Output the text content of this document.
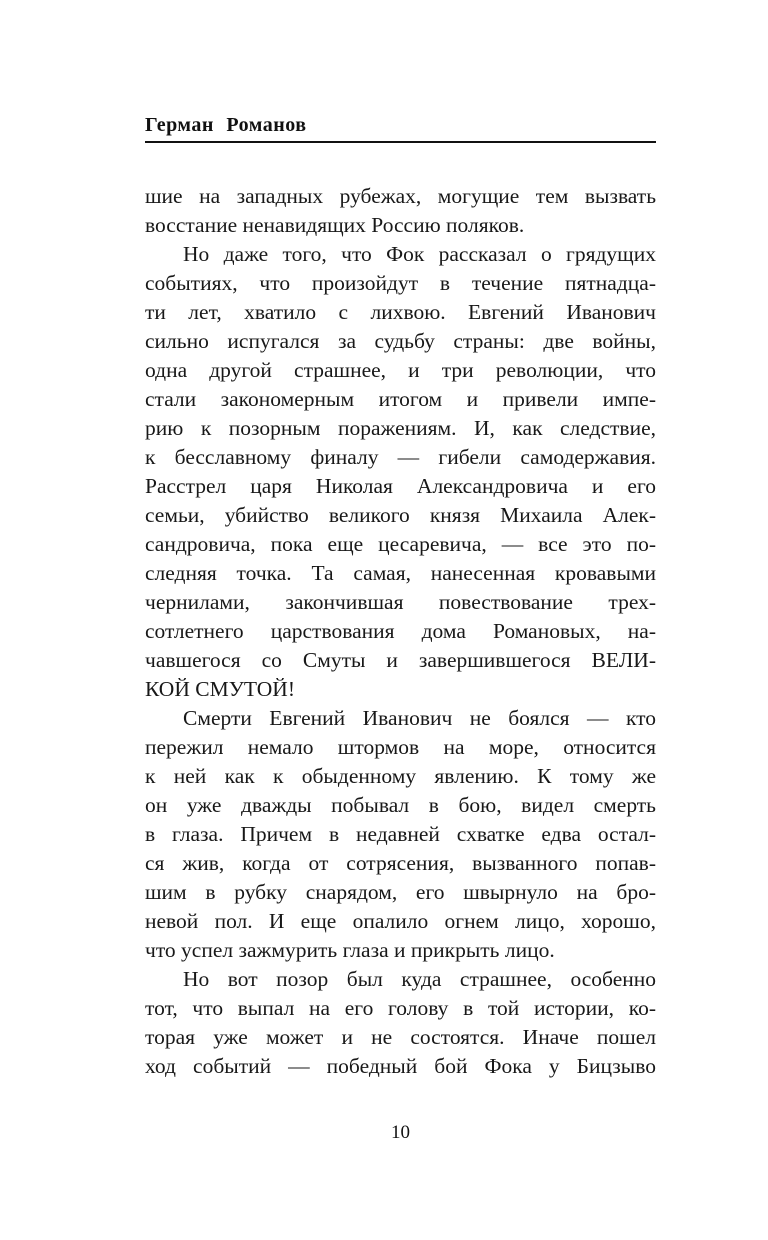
Герман Романов
шие на западных рубежах, могущие тем вызвать
восстание ненавидящих Россию поляков.
Но даже того, что Фок рассказал о грядущих
событиях, что произойдут в течение пятнадца-
ти лет, хватило с лихвою. Евгений Иванович
сильно испугался за судьбу страны: две войны,
одна другой страшнее, и три революции, что
стали закономерным итогом и привели импе-
рию к позорным поражениям. И, как следствие,
к бесславному финалу — гибели самодержавия.
Расстрел царя Николая Александровича и его
семьи, убийство великого князя Михаила Алек-
сандровича, пока еще цесаревича, — все это по-
следняя точка. Та самая, нанесенная кровавыми
чернилами, закончившая повествование трех-
сотлетнего царствования дома Романовых, на-
чавшегося со Смуты и завершившегося ВЕЛИ-
КОЙ СМУТОЙ!
Смерти Евгений Иванович не боялся — кто
пережил немало штормов на море, относится
к ней как к обыденному явлению. К тому же
он уже дважды побывал в бою, видел смерть
в глаза. Причем в недавней схватке едва остал-
ся жив, когда от сотрясения, вызванного попав-
шим в рубку снарядом, его швырнуло на бро-
невой пол. И еще опалило огнем лицо, хорошо,
что успел зажмурить глаза и прикрыть лицо.
Но вот позор был куда страшнее, особенно
тот, что выпал на его голову в той истории, ко-
торая уже может и не состоятся. Иначе пошел
ход событий — победный бой Фока у Бицзыво
10
